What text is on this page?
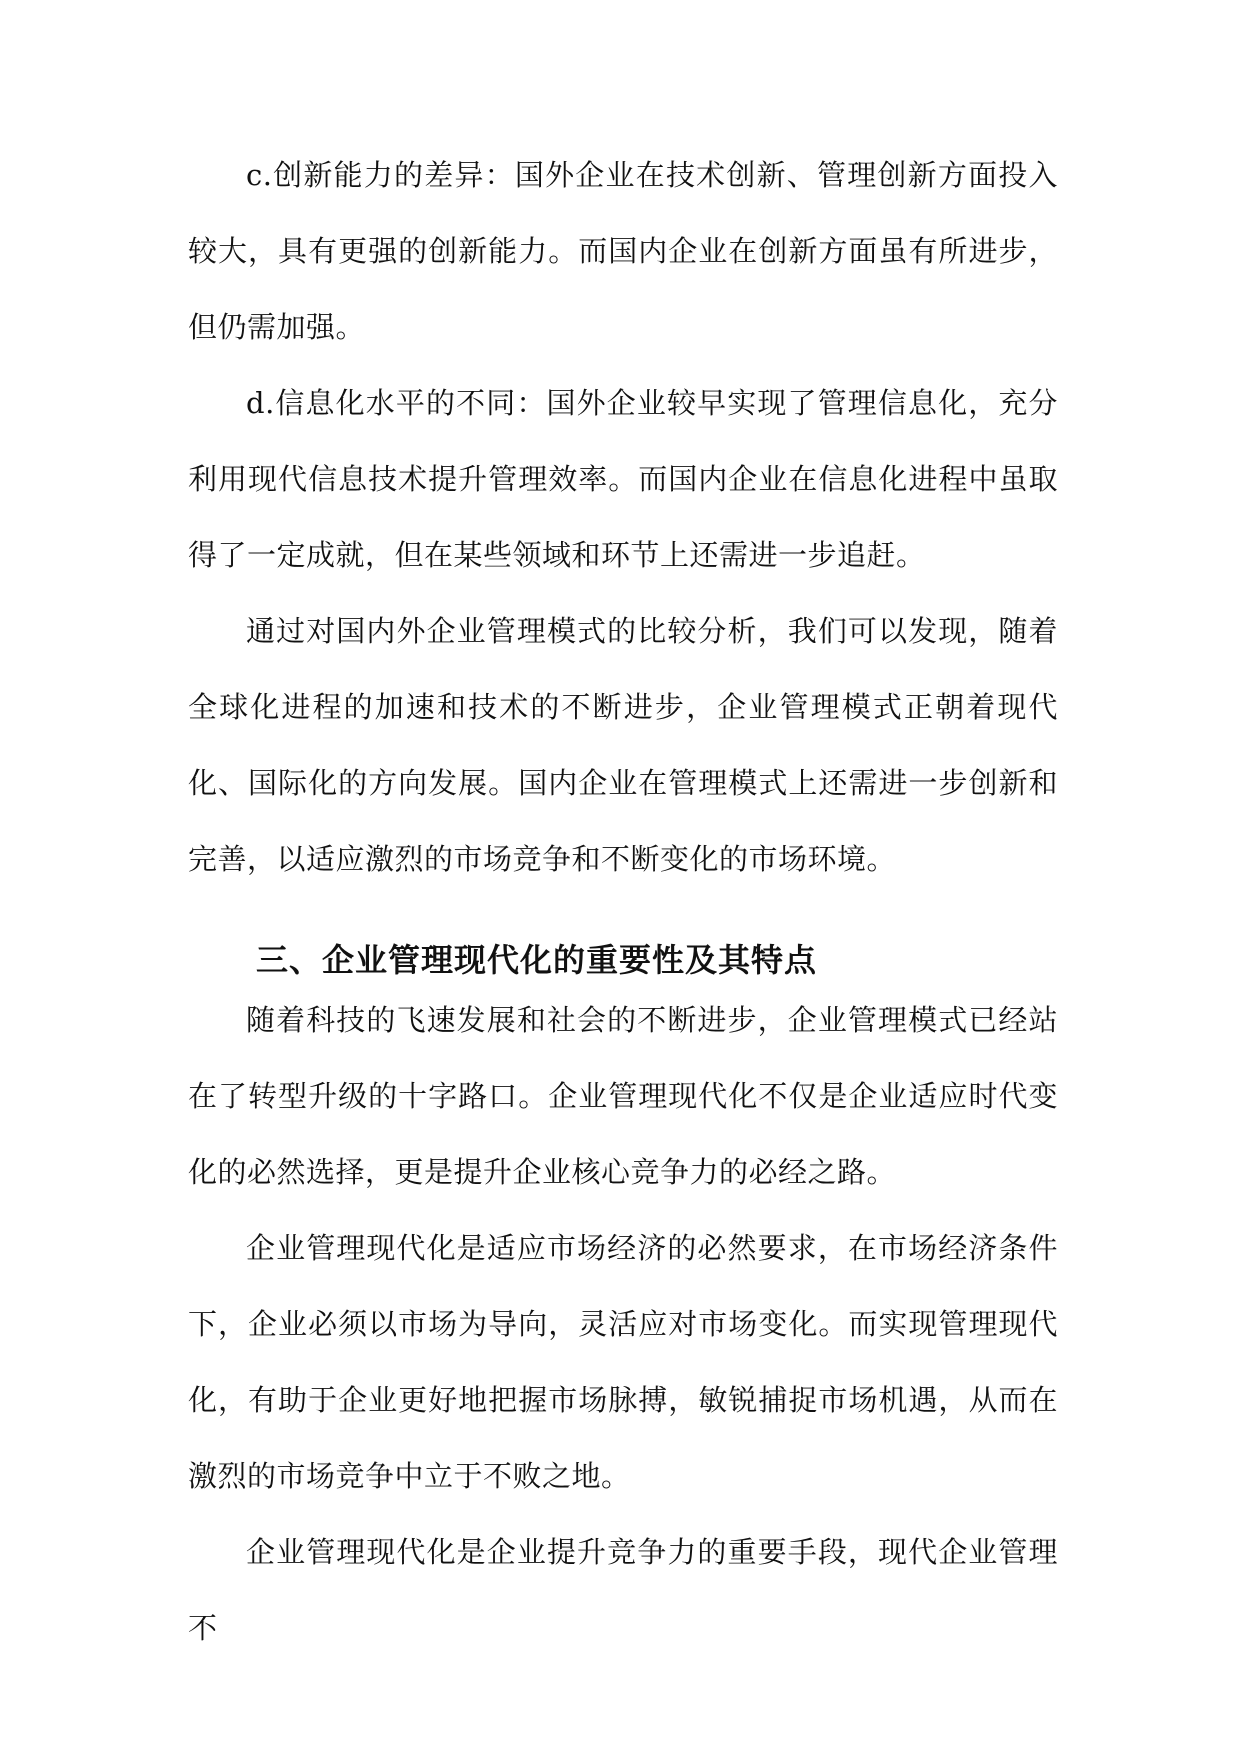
c.创新能力的差异：国外企业在技术创新、管理创新方面投入较大，具有更强的创新能力。而国内企业在创新方面虽有所进步，但仍需加强。

d.信息化水平的不同：国外企业较早实现了管理信息化，充分利用现代信息技术提升管理效率。而国内企业在信息化进程中虽取得了一定成就，但在某些领域和环节上还需进一步追赶。

通过对国内外企业管理模式的比较分析，我们可以发现，随着全球化进程的加速和技术的不断进步，企业管理模式正朝着现代化、国际化的方向发展。国内企业在管理模式上还需进一步创新和完善，以适应激烈的市场竞争和不断变化的市场环境。

三、企业管理现代化的重要性及其特点

随着科技的飞速发展和社会的不断进步，企业管理模式已经站在了转型升级的十字路口。企业管理现代化不仅是企业适应时代变化的必然选择，更是提升企业核心竞争力的必经之路。

企业管理现代化是适应市场经济的必然要求，在市场经济条件下，企业必须以市场为导向，灵活应对市场变化。而实现管理现代化，有助于企业更好地把握市场脉搏，敏锐捕捉市场机遇，从而在激烈的市场竞争中立于不败之地。

企业管理现代化是企业提升竞争力的重要手段，现代企业管理不
